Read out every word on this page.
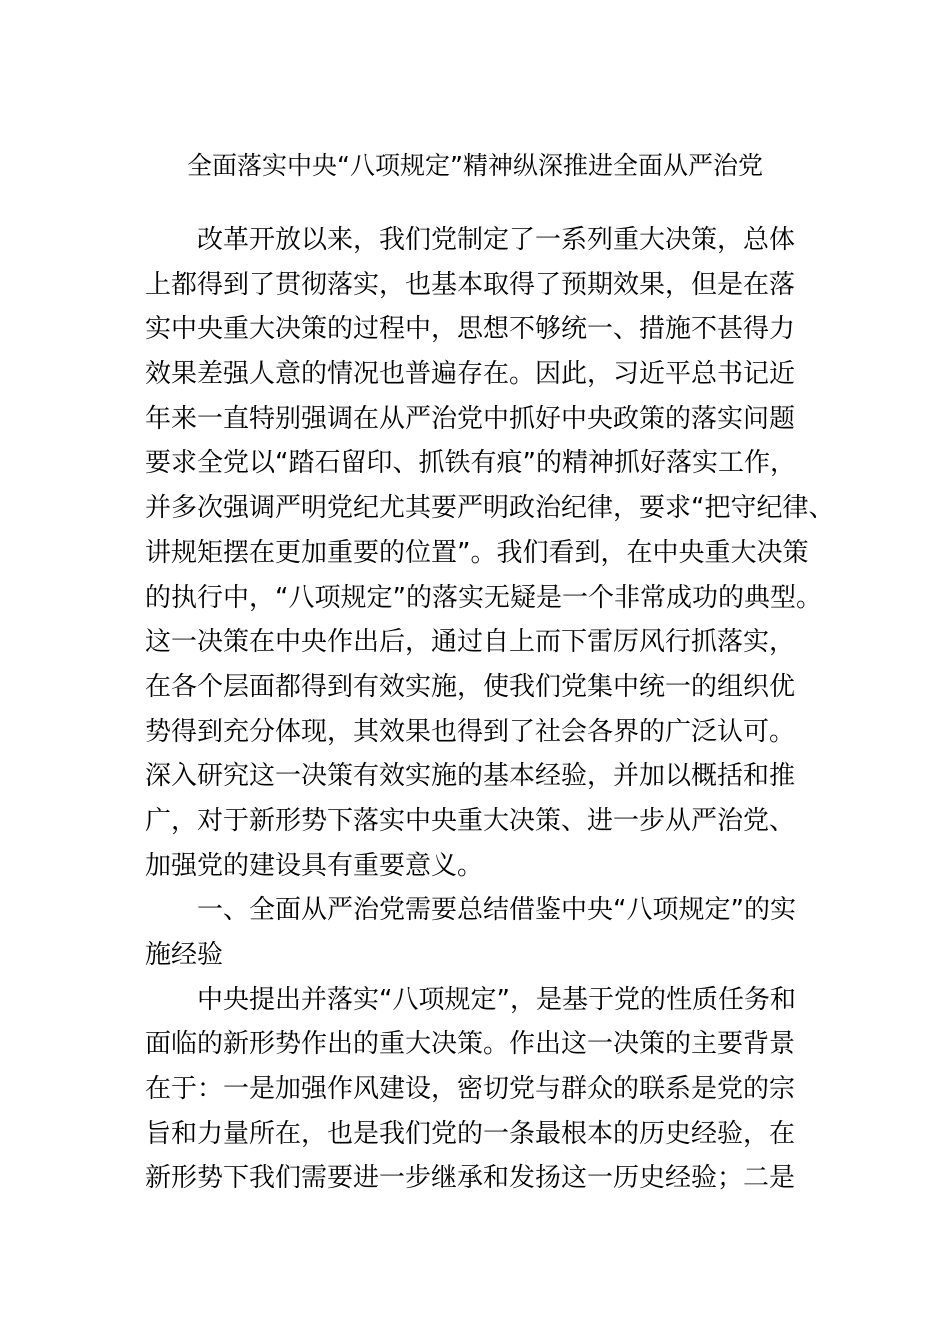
全面落实中央“八项规定”精神纵深推进全面从严治党
改革开放以来，我们党制定了一系列重大决策，总体
上都得到了贯彻落实，也基本取得了预期效果，但是在落
实中央重大决策的过程中，思想不够统一、措施不甚得力
效果差强人意的情况也普遍存在。因此，习近平总书记近
年来一直特别强调在从严治党中抓好中央政策的落实问题
要求全党以“踏石留印、抓铁有痕”的精神抓好落实工作，
并多次强调严明党纪尤其要严明政治纪律，要求“把守纪律、
讲规矩摆在更加重要的位置”。我们看到，在中央重大决策
的执行中，“八项规定”的落实无疑是一个非常成功的典型。
这一决策在中央作出后，通过自上而下雷厉风行抓落实，
在各个层面都得到有效实施，使我们党集中统一的组织优
势得到充分体现，其效果也得到了社会各界的广泛认可。
深入研究这一决策有效实施的基本经验，并加以概括和推
广，对于新形势下落实中央重大决策、进一步从严治党、
加强党的建设具有重要意义。
一、全面从严治党需要总结借鉴中央“八项规定”的实
施经验
中央提出并落实“八项规定”，是基于党的性质任务和
面临的新形势作出的重大决策。作出这一决策的主要背景
在于：一是加强作风建设，密切党与群众的联系是党的宗
旨和力量所在，也是我们党的一条最根本的历史经验，在
新形势下我们需要进一步继承和发扬这一历史经验；二是
